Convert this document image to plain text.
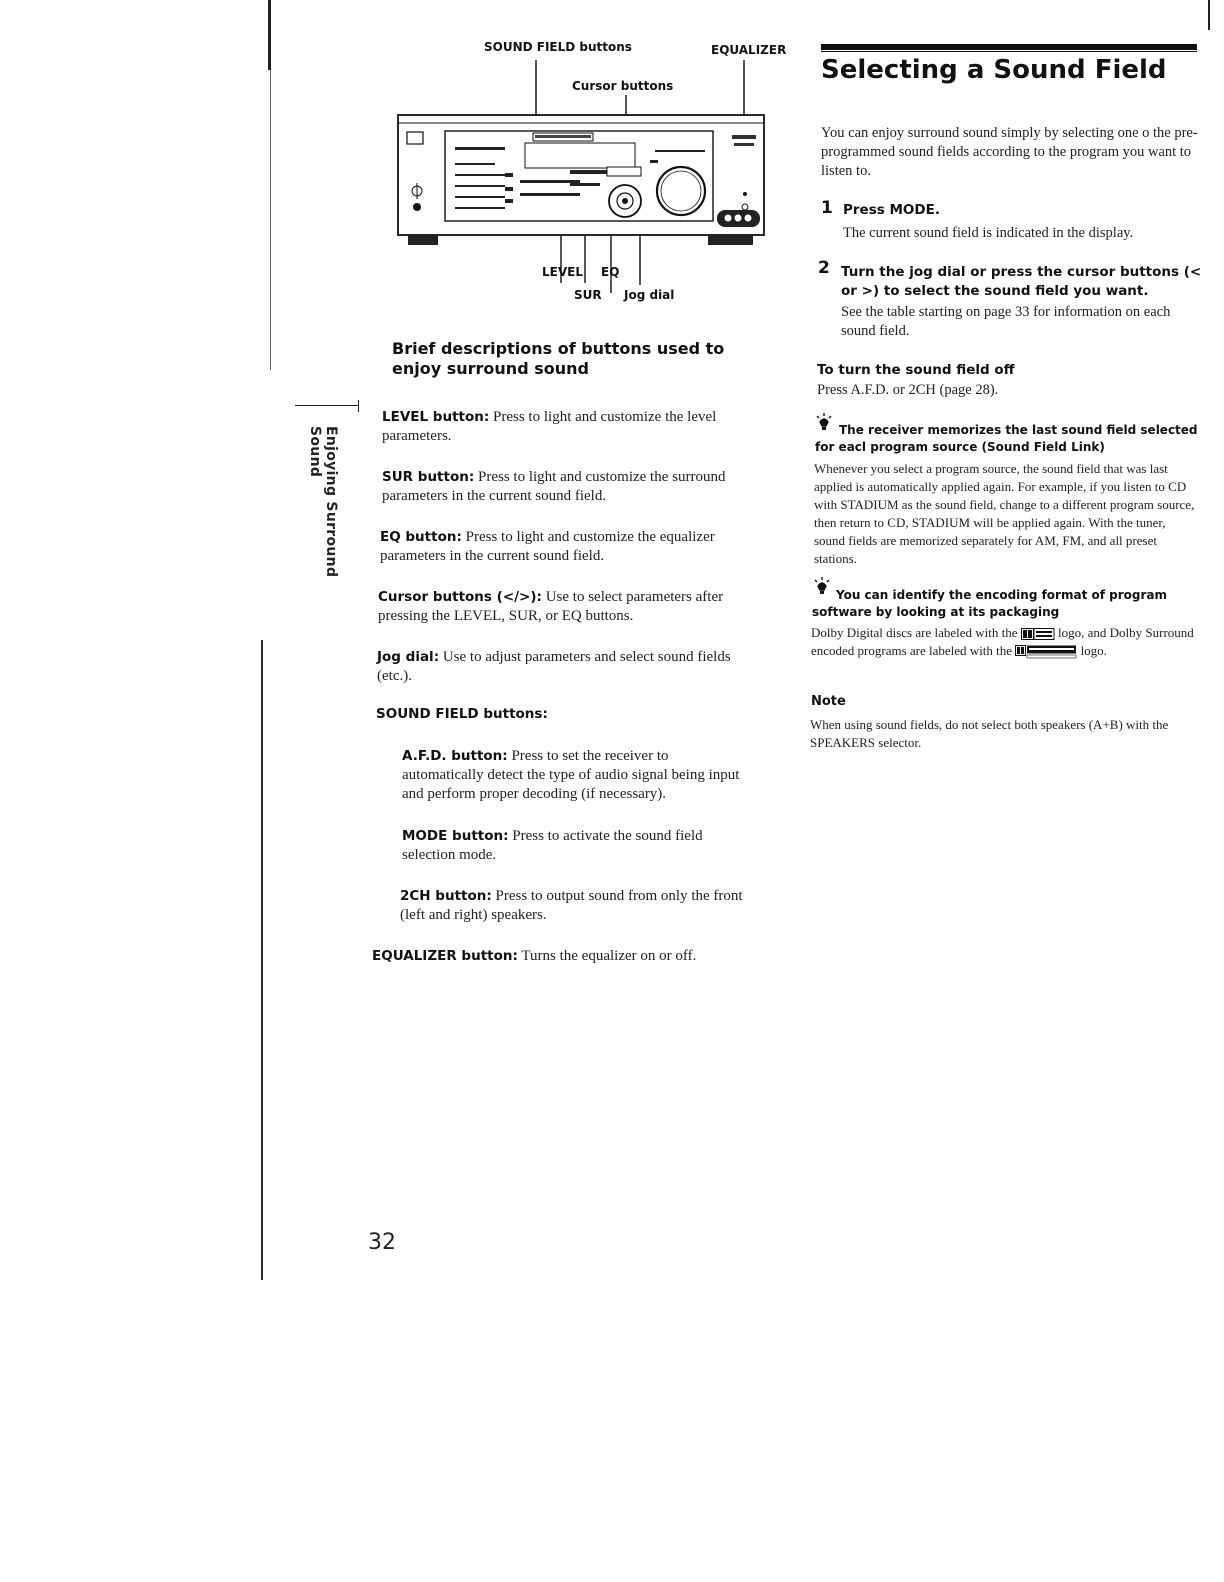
Enjoying Surround Sound
SOUND FIELD buttons	EQUALIZER
Cursor buttons
LEVEL EQ
SUR Jog dial
Brief descriptions of buttons used to
enjoy surround sound
LEVEL button: Press to light and customize the level parameters.
SUR button: Press to light and customize the surround parameters in the current sound field.
EQ button: Press to light and customize the equalizer parameters in the current sound field.
Cursor buttons (</>): Use to select parameters after pressing the LEVEL, SUR, or EQ buttons.
Jog dial: Use to adjust parameters and select sound fields (etc.).
SOUND FIELD buttons:
A.F.D. button: Press to set the receiver to automatically detect the type of audio signal being input and perform proper decoding (if necessary).
MODE button: Press to activate the sound field selection mode.
2CH button: Press to output sound from only the front (left and right) speakers.
EQUALIZER button: Turns the equalizer on or off.
32
Selecting a Sound Field
You can enjoy surround sound simply by selecting one o the pre-programmed sound fields according to the program you want to listen to.
1 Press MODE.
The current sound field is indicated in the display.
2 Turn the jog dial or press the cursor buttons (< or >) to select the sound field you want.
See the table starting on page 33 for information on each sound field.
To turn the sound field off
Press A.F.D. or 2CH (page 28).
The receiver memorizes the last sound field selected for eacl program source (Sound Field Link)
Whenever you select a program source, the sound field that was last applied is automatically applied again. For example, if you listen to CD with STADIUM as the sound field, change to a different program source, then return to CD, STADIUM will be applied again. With the tuner, sound fields are memorized separately for AM, FM, and all preset stations.
You can identify the encoding format of program software by looking at its packaging
Dolby Digital discs are labeled with the	logo, and Dolby Surround encoded programs are labeled with the	logo.
Note
When using sound fields, do not select both speakers (A+B) with the SPEAKERS selector.
